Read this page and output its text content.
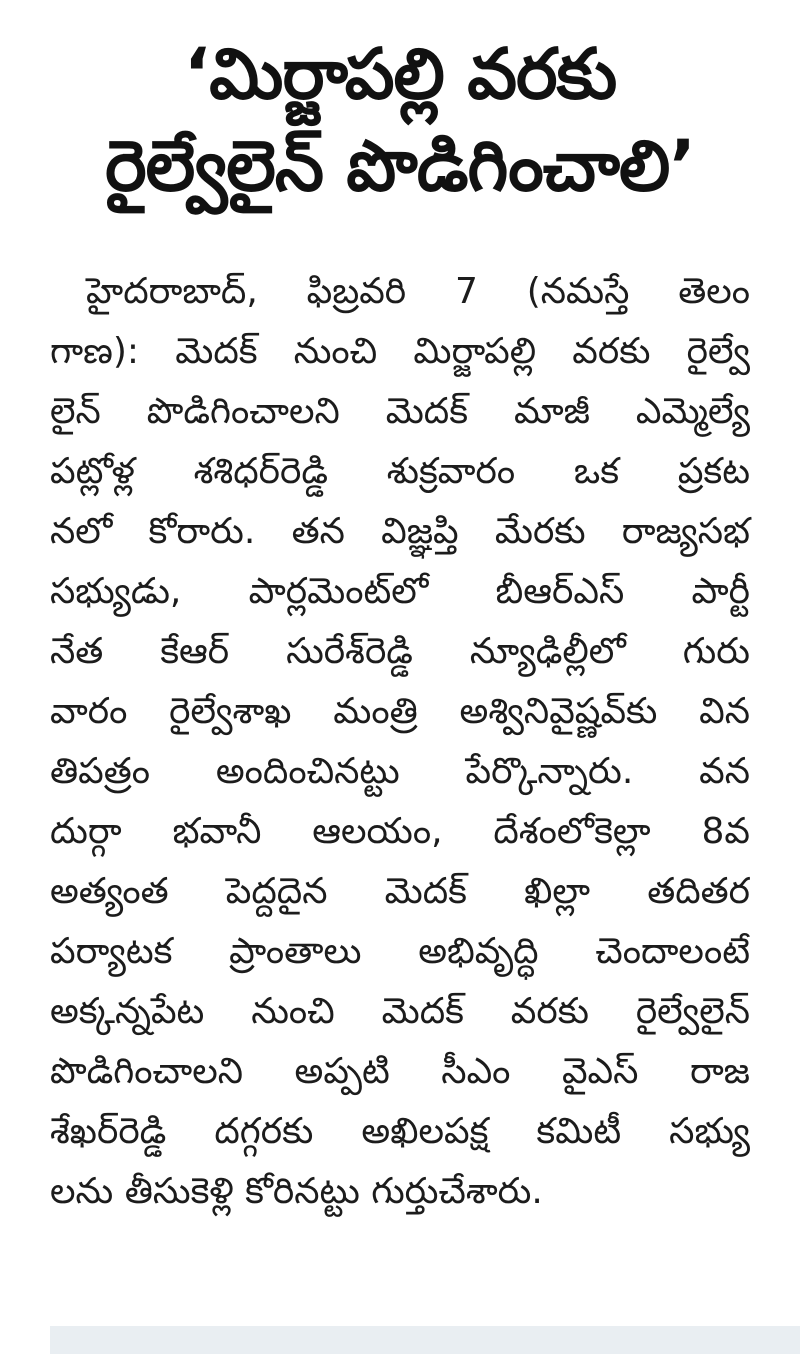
‘మిర్జాపల్లి వరకు
రైల్వేలైన్ పొడిగించాలి’
హైదరాబాద్, ఫిబ్రవరి 7 (నమస్తే తెలం
గాణ): మెదక్ నుంచి మిర్జాపల్లి వరకు రైల్వే
లైన్ పొడిగించాలని మెదక్ మాజీ ఎమ్మెల్యే
పట్లోళ్ల శశిధర్‌రెడ్డి శుక్రవారం ఒక ప్రకట
నలో కోరారు. తన విజ్ఞప్తి మేరకు రాజ్యసభ
సభ్యుడు, పార్లమెంట్‌లో బీఆర్‌ఎస్ పార్టీ
నేత కేఆర్ సురేశ్‌రెడ్డి న్యూఢిల్లీలో గురు
వారం రైల్వేశాఖ మంత్రి అశ్వినివైష్ణవ్‌కు విన
తిపత్రం అందించినట్టు పేర్కొన్నారు. వన
దుర్గా భవానీ ఆలయం, దేశంలోకెల్లా 8వ
అత్యంత పెద్దదైన మెదక్ ఖిల్లా తదితర
పర్యాటక ప్రాంతాలు అభివృద్ధి చెందాలంటే
అక్కన్నపేట నుంచి మెదక్ వరకు రైల్వేలైన్
పొడిగించాలని అప్పటి సీఎం వైఎస్ రాజ
శేఖర్‌రెడ్డి దగ్గరకు అఖిలపక్ష కమిటీ సభ్యు
లను తీసుకెళ్లి కోరినట్టు గుర్తుచేశారు.
